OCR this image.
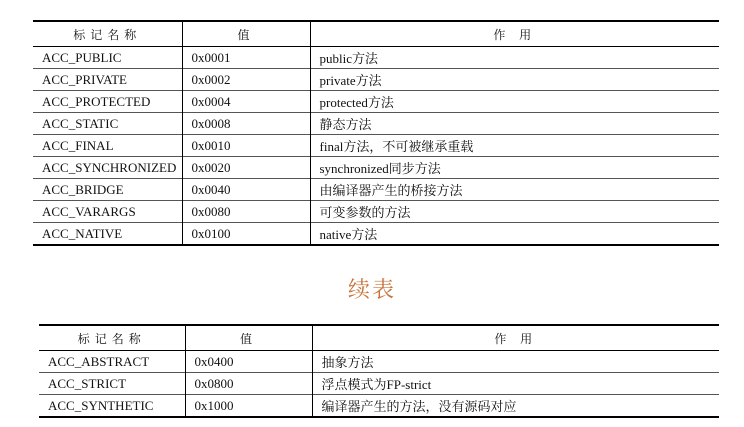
标记名称	值	作 用
ACC_PUBLIC	0x0001	public方法
ACC_PRIVATE	0x0002	private方法
ACC_PROTECTED	0x0004	protected方法
ACC_STATIC	0x0008	静态方法
ACC_FINAL	0x0010	final方法，不可被继承重载
ACC_SYNCHRONIZED	0x0020	synchronized同步方法
ACC_BRIDGE	0x0040	由编译器产生的桥接方法
ACC_VARARGS	0x0080	可变参数的方法
ACC_NATIVE	0x0100	native方法
续表
标记名称	值	作 用
ACC_ABSTRACT	0x0400	抽象方法
ACC_STRICT	0x0800	浮点模式为FP-strict
ACC_SYNTHETIC	0x1000	编译器产生的方法，没有源码对应
